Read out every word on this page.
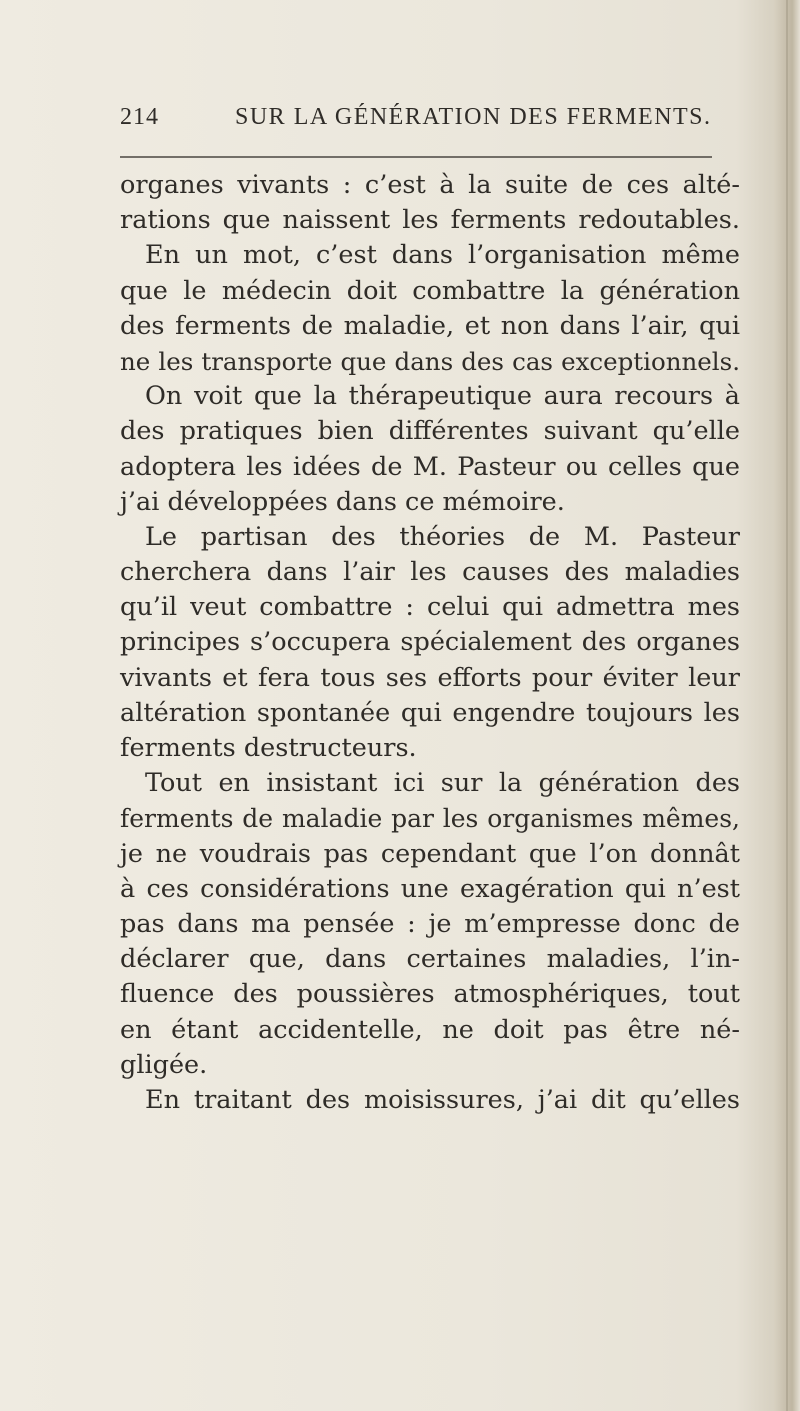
214	SUR LA GÉNÉRATION DES FERMENTS.
organes vivants : c’est à la suite de ces alté-
rations que naissent les ferments redoutables.
En un mot, c’est dans l’organisation même
que le médecin doit combattre la génération
des ferments de maladie, et non dans l’air, qui
ne les transporte que dans des cas exceptionnels.
On voit que la thérapeutique aura recours à
des pratiques bien différentes suivant qu’elle
adoptera les idées de M. Pasteur ou celles que
j’ai développées dans ce mémoire.
Le partisan des théories de M. Pasteur
cherchera dans l’air les causes des maladies
qu’il veut combattre : celui qui admettra mes
principes s’occupera spécialement des organes
vivants et fera tous ses efforts pour éviter leur
altération spontanée qui engendre toujours les
ferments destructeurs.
Tout en insistant ici sur la génération des
ferments de maladie par les organismes mêmes,
je ne voudrais pas cependant que l’on donnât
à ces considérations une exagération qui n’est
pas dans ma pensée : je m’empresse donc de
déclarer que, dans certaines maladies, l’in-
fluence des poussières atmosphériques, tout
en étant accidentelle, ne doit pas être né-
gligée.
En traitant des moisissures, j’ai dit qu’elles
